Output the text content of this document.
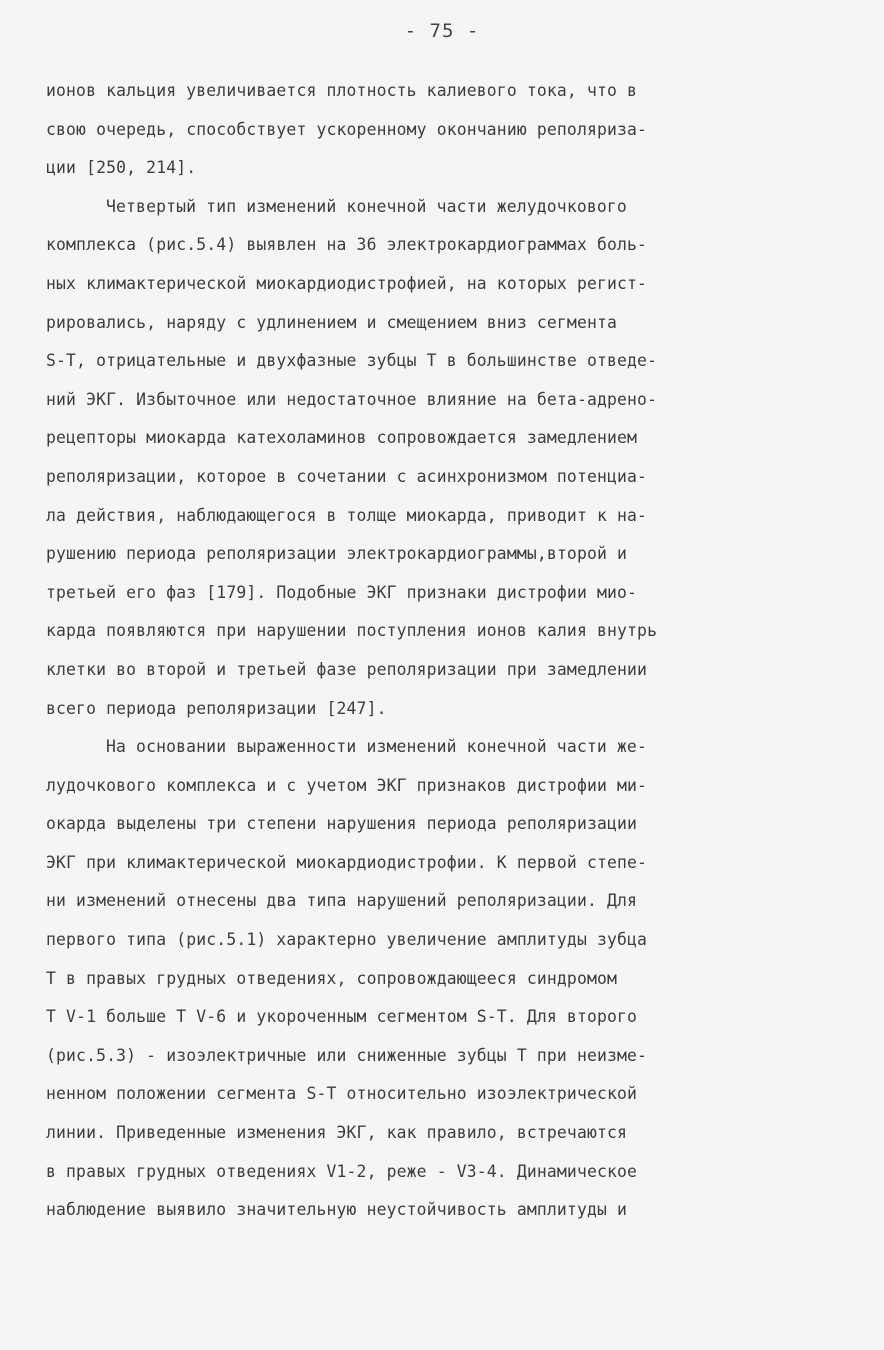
- 75 -
ионов кальция увеличивается плотность калиевого тока, что в
свою очередь, способствует ускоренному окончанию реполяриза-
ции [250, 214].
Четвертый тип изменений конечной части желудочкового
комплекса (рис.5.4) выявлен на 36 электрокардиограммах боль-
ных климактерической миокардиодистрофией, на которых регист-
рировались, наряду с удлинением и смещением вниз сегмента
S-T, отрицательные и двухфазные зубцы T в большинстве отведе-
ний ЭКГ. Избыточное или недостаточное влияние на бета-адрено-
рецепторы миокарда катехоламинов сопровождается замедлением
реполяризации, которое в сочетании с асинхронизмом потенциа-
ла действия, наблюдающегося в толще миокарда, приводит к на-
рушению периода реполяризации электрокардиограммы,второй и
третьей его фаз [179]. Подобные ЭКГ признаки дистрофии мио-
карда появляются при нарушении поступления ионов калия внутрь
клетки во второй и третьей фазе реполяризации при замедлении
всего периода реполяризации [247].
На основании выраженности изменений конечной части же-
лудочкового комплекса и с учетом ЭКГ признаков дистрофии ми-
окарда выделены три степени нарушения периода реполяризации
ЭКГ при климактерической миокардиодистрофии. К первой степе-
ни изменений отнесены два типа нарушений реполяризации. Для
первого типа (рис.5.1) характерно увеличение амплитуды зубца
T в правых грудных отведениях, сопровождающееся синдромом
T V-1 больше T V-6 и укороченным сегментом S-T. Для второго
(рис.5.3) - изоэлектричные или сниженные зубцы T при неизме-
ненном положении сегмента S-T относительно изоэлектрической
линии. Приведенные изменения ЭКГ, как правило, встречаются
в правых грудных отведениях V1-2, реже - V3-4. Динамическое
наблюдение выявило значительную неустойчивость амплитуды и
